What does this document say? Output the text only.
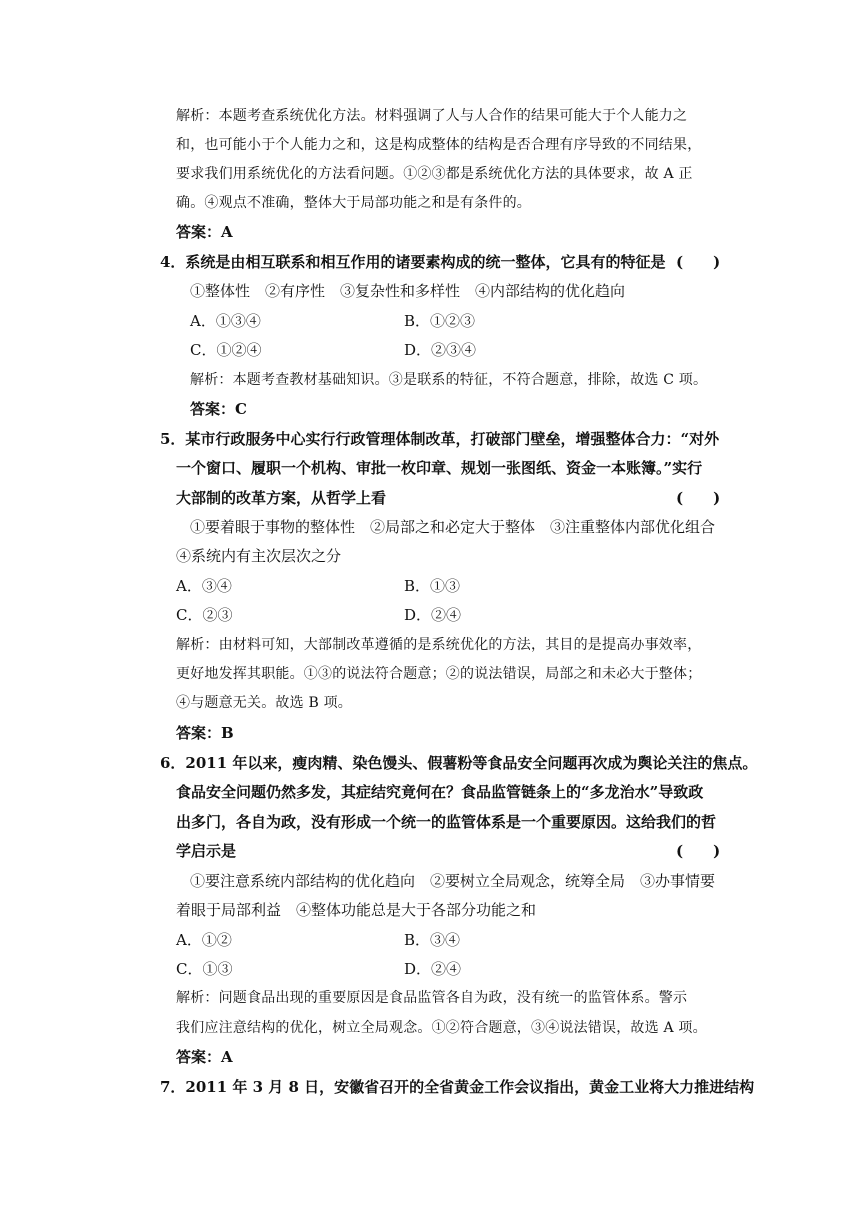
解析：本题考查系统优化方法。材料强调了人与人合作的结果可能大于个人能力之
和，也可能小于个人能力之和，这是构成整体的结构是否合理有序导致的不同结果，
要求我们用系统优化的方法看问题。①②③都是系统优化方法的具体要求，故 A 正
确。④观点不准确，整体大于局部功能之和是有条件的。
答案：A
4．系统是由相互联系和相互作用的诸要素构成的统一整体，它具有的特征是 (　　)
①整体性　②有序性　③复杂性和多样性　④内部结构的优化趋向
A．①③④	B．①②③
C．①②④	D．②③④
解析：本题考查教材基础知识。③是联系的特征，不符合题意，排除，故选 C 项。
答案：C
5．某市行政服务中心实行行政管理体制改革，打破部门壁垒，增强整体合力：“对外
一个窗口、履职一个机构、审批一枚印章、规划一张图纸、资金一本账簿。”实行
大部制的改革方案，从哲学上看	(　　)
①要着眼于事物的整体性　②局部之和必定大于整体　③注重整体内部优化组合
④系统内有主次层次之分
A．③④	B．①③
C．②③	D．②④
解析：由材料可知，大部制改革遵循的是系统优化的方法，其目的是提高办事效率，
更好地发挥其职能。①③的说法符合题意；②的说法错误，局部之和未必大于整体；
④与题意无关。故选 B 项。
答案：B
6．2011 年以来，瘦肉精、染色馒头、假薯粉等食品安全问题再次成为舆论关注的焦点。
食品安全问题仍然多发，其症结究竟何在？食品监管链条上的“多龙治水”导致政
出多门，各自为政，没有形成一个统一的监管体系是一个重要原因。这给我们的哲
学启示是	(　　)
①要注意系统内部结构的优化趋向　②要树立全局观念，统筹全局　③办事情要
着眼于局部利益　④整体功能总是大于各部分功能之和
A．①②	B．③④
C．①③	D．②④
解析：问题食品出现的重要原因是食品监管各自为政，没有统一的监管体系。警示
我们应注意结构的优化，树立全局观念。①②符合题意，③④说法错误，故选 A 项。
答案：A
7．2011 年 3 月 8 日，安徽省召开的全省黄金工作会议指出，黄金工业将大力推进结构
